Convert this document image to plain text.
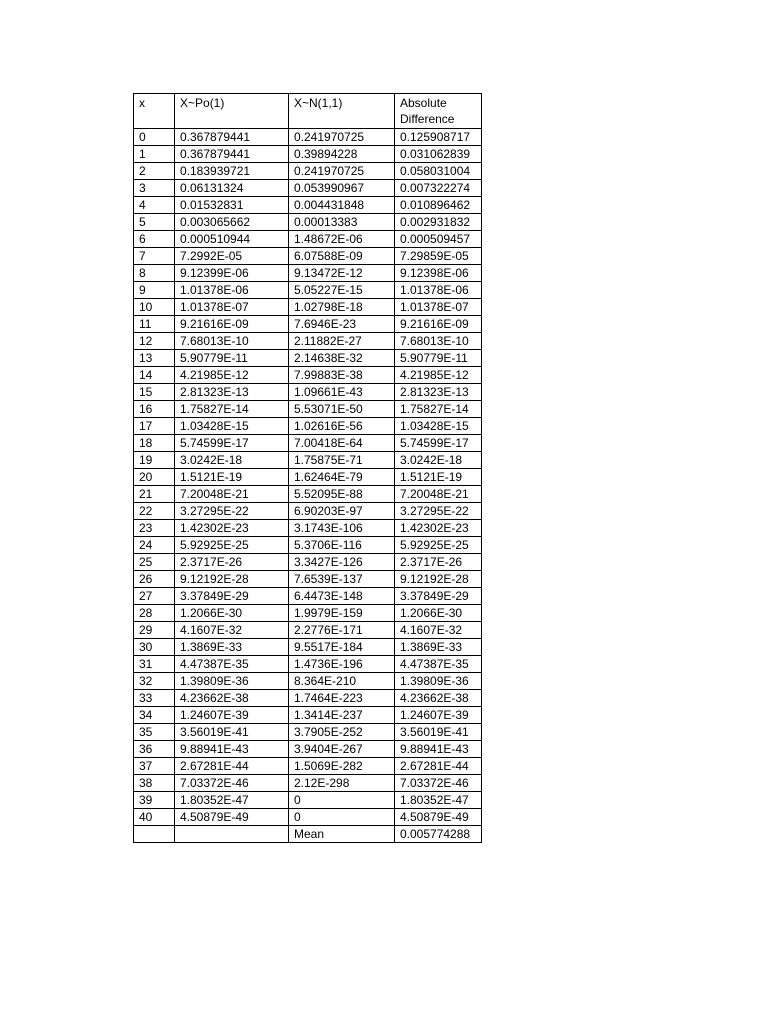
x	X~Po(1)	X~N(1,1)	Absolute Difference
0	0.367879441	0.241970725	0.125908717
1	0.367879441	0.39894228	0.031062839
2	0.183939721	0.241970725	0.058031004
3	0.06131324	0.053990967	0.007322274
4	0.01532831	0.004431848	0.010896462
5	0.003065662	0.00013383	0.002931832
6	0.000510944	1.48672E-06	0.000509457
7	7.2992E-05	6.07588E-09	7.29859E-05
8	9.12399E-06	9.13472E-12	9.12398E-06
9	1.01378E-06	5.05227E-15	1.01378E-06
10	1.01378E-07	1.02798E-18	1.01378E-07
11	9.21616E-09	7.6946E-23	9.21616E-09
12	7.68013E-10	2.11882E-27	7.68013E-10
13	5.90779E-11	2.14638E-32	5.90779E-11
14	4.21985E-12	7.99883E-38	4.21985E-12
15	2.81323E-13	1.09661E-43	2.81323E-13
16	1.75827E-14	5.53071E-50	1.75827E-14
17	1.03428E-15	1.02616E-56	1.03428E-15
18	5.74599E-17	7.00418E-64	5.74599E-17
19	3.0242E-18	1.75875E-71	3.0242E-18
20	1.5121E-19	1.62464E-79	1.5121E-19
21	7.20048E-21	5.52095E-88	7.20048E-21
22	3.27295E-22	6.90203E-97	3.27295E-22
23	1.42302E-23	3.1743E-106	1.42302E-23
24	5.92925E-25	5.3706E-116	5.92925E-25
25	2.3717E-26	3.3427E-126	2.3717E-26
26	9.12192E-28	7.6539E-137	9.12192E-28
27	3.37849E-29	6.4473E-148	3.37849E-29
28	1.2066E-30	1.9979E-159	1.2066E-30
29	4.1607E-32	2.2776E-171	4.1607E-32
30	1.3869E-33	9.5517E-184	1.3869E-33
31	4.47387E-35	1.4736E-196	4.47387E-35
32	1.39809E-36	8.364E-210	1.39809E-36
33	4.23662E-38	1.7464E-223	4.23662E-38
34	1.24607E-39	1.3414E-237	1.24607E-39
35	3.56019E-41	3.7905E-252	3.56019E-41
36	9.88941E-43	3.9404E-267	9.88941E-43
37	2.67281E-44	1.5069E-282	2.67281E-44
38	7.03372E-46	2.12E-298	7.03372E-46
39	1.80352E-47	0	1.80352E-47
40	4.50879E-49	0	4.50879E-49
		Mean	0.005774288
